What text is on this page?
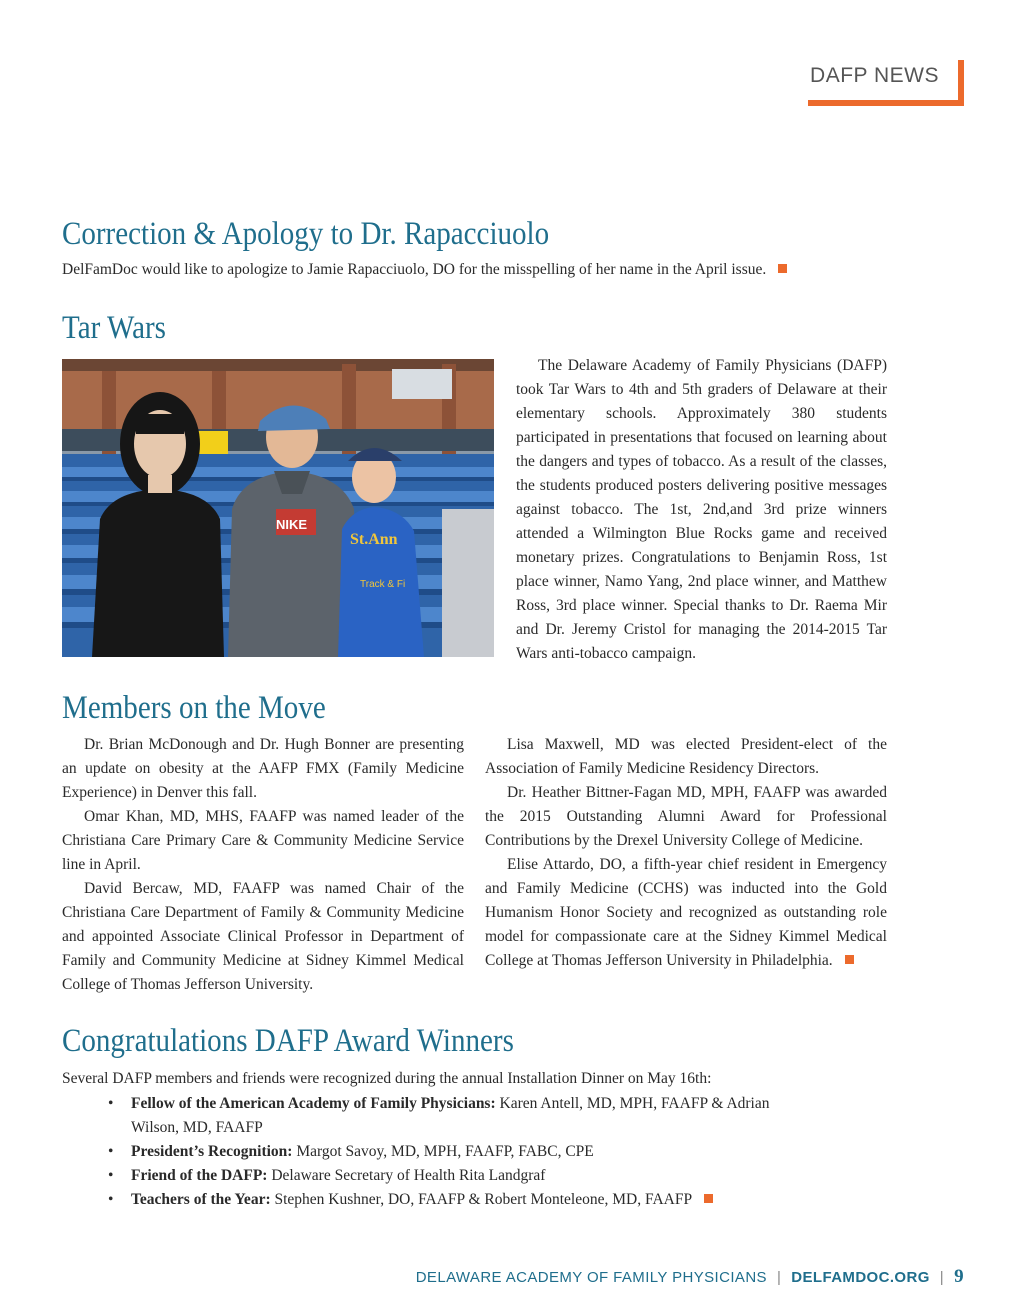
DAFP NEWS
Correction & Apology to Dr. Rapacciuolo

DelFamDoc would like to apologize to Jamie Rapacciuolo, DO for the misspelling of her name in the April issue.

Tar Wars
NIKE
St.Ann
Track & Fi

The Delaware Academy of Family Physicians (DAFP) took Tar Wars to 4th and 5th graders of Delaware at their elementary schools. Approximately 380 students participated in presentations that focused on learning about the dangers and types of tobacco. As a result of the classes, the students produced posters delivering positive messages against tobacco. The 1st, 2nd,and 3rd prize winners attended a Wilmington Blue Rocks game and received monetary prizes. Congratulations to Benjamin Ross, 1st place winner, Namo Yang, 2nd place winner, and Matthew Ross, 3rd place winner. Special thanks to Dr. Raema Mir and Dr. Jeremy Cristol for managing the 2014-2015 Tar Wars anti-tobacco campaign.

Members on the Move

Dr. Brian McDonough and Dr. Hugh Bonner are presenting an update on obesity at the AAFP FMX (Family Medicine Experience) in Denver this fall.

Omar Khan, MD, MHS, FAAFP was named leader of the Christiana Care Primary Care & Community Medicine Service line in April.

David Bercaw, MD, FAAFP was named Chair of the Christiana Care Department of Family & Community Medicine and appointed Associate Clinical Professor in Department of Family and Community Medicine at Sidney Kimmel Medical College of Thomas Jefferson University.

Lisa Maxwell, MD was elected President-elect of the Association of Family Medicine Residency Directors.

Dr. Heather Bittner-Fagan MD, MPH, FAAFP was awarded the 2015 Outstanding Alumni Award for Professional Contributions by the Drexel University College of Medicine.

Elise Attardo, DO, a fifth-year chief resident in Emergency and Family Medicine (CCHS) was inducted into the Gold Humanism Honor Society and recognized as outstanding role model for compassionate care at the Sidney Kimmel Medical College at Thomas Jefferson University in Philadelphia.

Congratulations DAFP Award Winners

Several DAFP members and friends were recognized during the annual Installation Dinner on May 16th:

• Fellow of the American Academy of Family Physicians: Karen Antell, MD, MPH, FAAFP & Adrian Wilson, MD, FAAFP
• President’s Recognition: Margot Savoy, MD, MPH, FAAFP, FABC, CPE
• Friend of the DAFP: Delaware Secretary of Health Rita Landgraf
• Teachers of the Year: Stephen Kushner, DO, FAAFP & Robert Monteleone, MD, FAAFP
DELAWARE ACADEMY OF FAMILY PHYSICIANS | DELFAMDOC.ORG | 9
